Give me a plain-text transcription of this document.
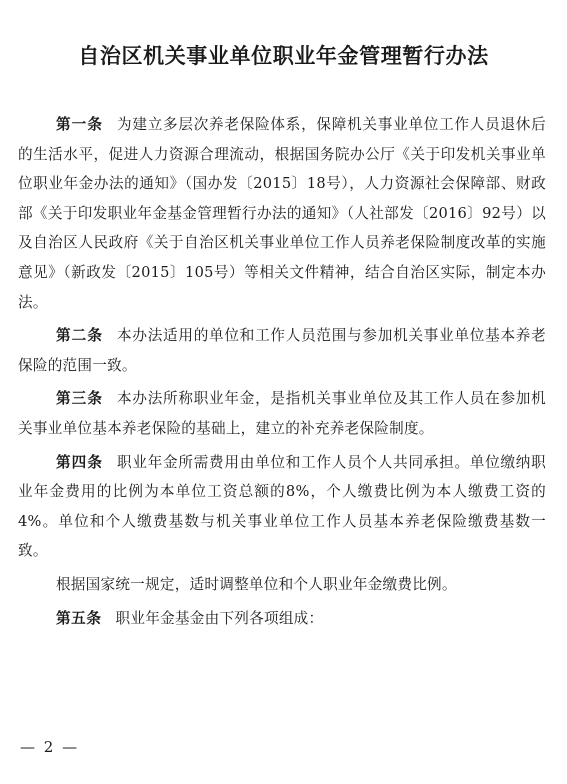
自治区机关事业单位职业年金管理暂行办法

第一条 为建立多层次养老保险体系，保障机关事业单位工作人员退休后的生活水平，促进人力资源合理流动，根据国务院办公厅《关于印发机关事业单位职业年金办法的通知》（国办发〔2015〕18号），人力资源社会保障部、财政部《关于印发职业年金基金管理暂行办法的通知》（人社部发〔2016〕92号）以及自治区人民政府《关于自治区机关事业单位工作人员养老保险制度改革的实施意见》（新政发〔2015〕105号）等相关文件精神，结合自治区实际，制定本办法。

第二条 本办法适用的单位和工作人员范围与参加机关事业单位基本养老保险的范围一致。

第三条 本办法所称职业年金，是指机关事业单位及其工作人员在参加机关事业单位基本养老保险的基础上，建立的补充养老保险制度。

第四条 职业年金所需费用由单位和工作人员个人共同承担。单位缴纳职业年金费用的比例为本单位工资总额的8%，个人缴费比例为本人缴费工资的4%。单位和个人缴费基数与机关事业单位工作人员基本养老保险缴费基数一致。

根据国家统一规定，适时调整单位和个人职业年金缴费比例。

第五条 职业年金基金由下列各项组成：

— 2 —
